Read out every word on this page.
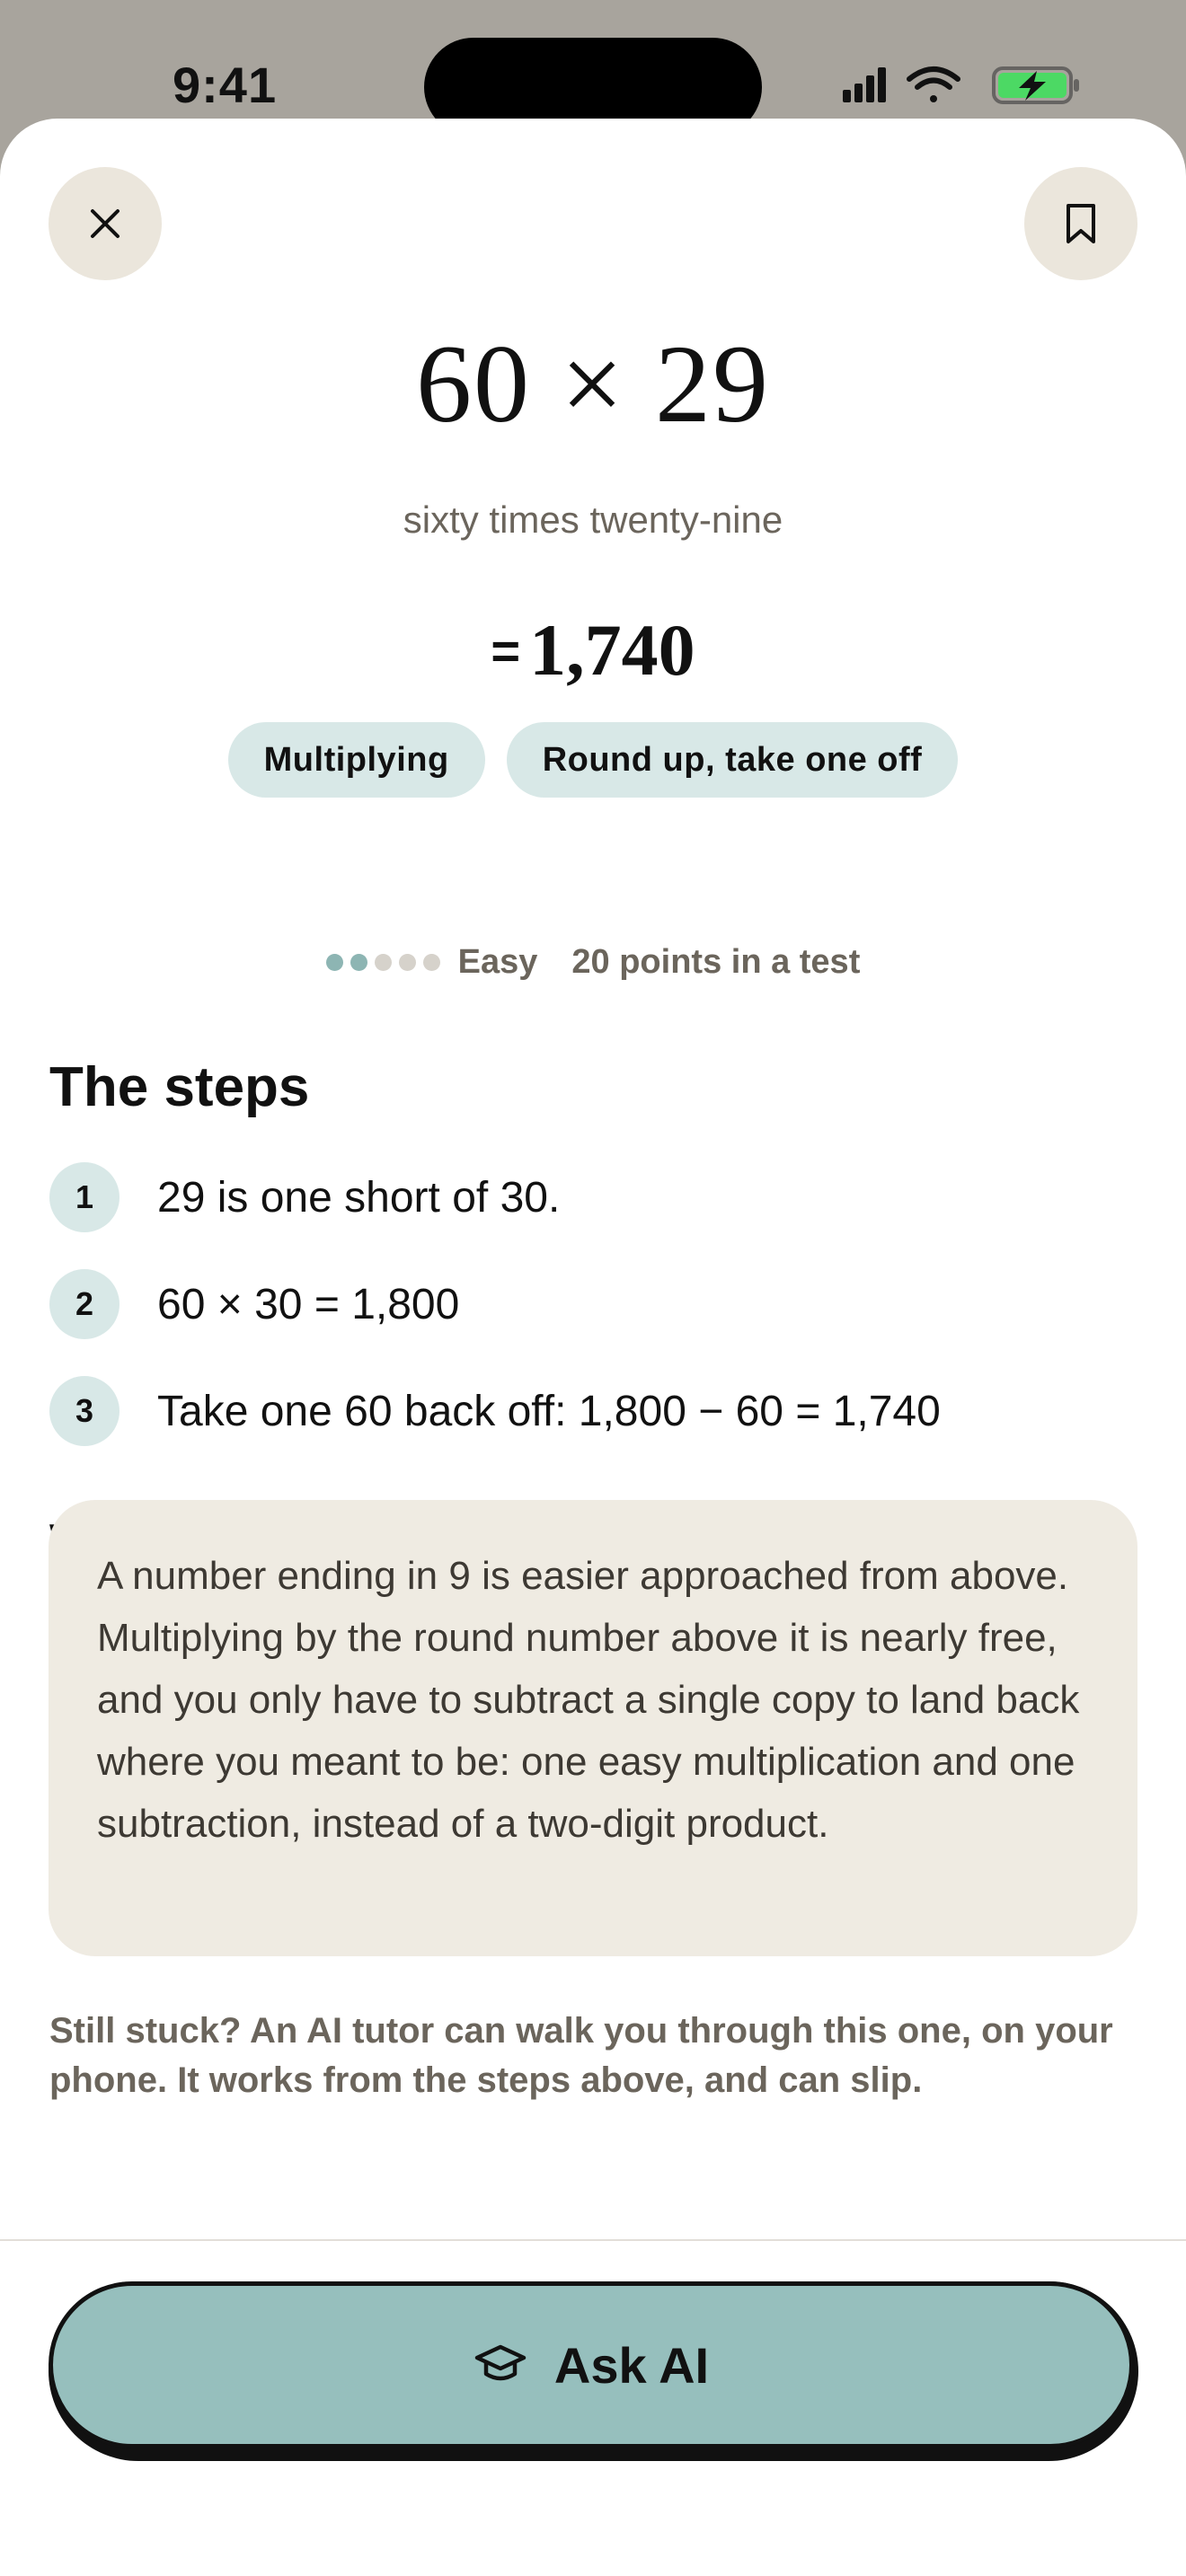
9:41
60 × 29
sixty times twenty-nine
= 1,740
Multiplying	Round up, take one off
Easy 20 points in a test
The steps
1	29 is one short of 30.
2	60 × 30 = 1,800
3	Take one 60 back off: 1,800 − 60 = 1,740
A number ending in 9 is easier approached from above. Multiplying by the round number above it is nearly free, and you only have to subtract a single copy to land back where you meant to be: one easy multiplication and one subtraction, instead of a two-digit product.

Still stuck? An AI tutor can walk you through this one, on your phone. It works from the steps above, and can slip.

Ask AI
